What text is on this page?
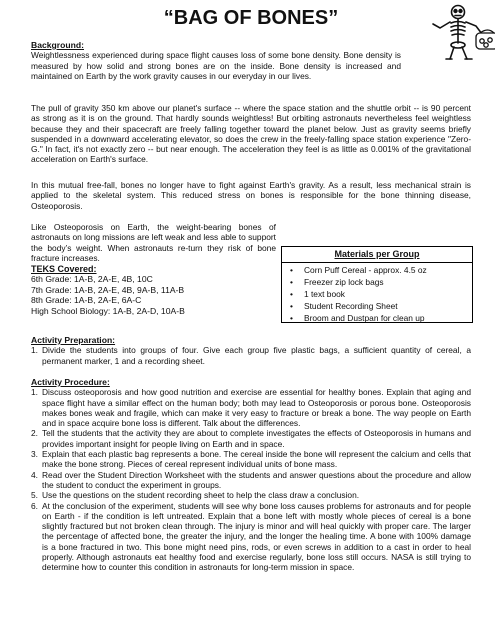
“BAG OF BONES”
Background:

Weightlessness experienced during space flight causes loss of some bone density. Bone density is measured by how solid and strong bones are on the inside. Bone density is increased and maintained on Earth by the work gravity causes in our everyday in our lives.

The pull of gravity 350 km above our planet's surface -- where the space station and the shuttle orbit -- is 90 percent as strong as it is on the ground. That hardly sounds weightless! But orbiting astronauts nevertheless feel weightless because they and their spacecraft are freely falling together toward the planet below. Just as gravity seems briefly suspended in a downward accelerating elevator, so does the crew in the freely-falling space station experience "Zero-G." In fact, it's not exactly zero -- but near enough. The acceleration they feel is as little as 0.001% of the gravitational acceleration on Earth's surface.

In this mutual free-fall, bones no longer have to fight against Earth's gravity. As a result, less mechanical strain is applied to the skeletal system. This reduced stress on bones is responsible for the bone thinning disease, Osteoporosis.

Like Osteoporosis on Earth, the weight-bearing bones of astronauts on long missions are left weak and less able to support the body’s weight. When astronauts re-turn they risk of bone fracture increases.

TEKS Covered:
6th Grade: 1A-B, 2A-E, 4B, 10C
7th Grade: 1A-B, 2A-E, 4B, 9A-B, 11A-B
8th Grade: 1A-B, 2A-E, 6A-C
High School Biology: 1A-B, 2A-D, 10A-B
Materials per Group
• Corn Puff Cereal - approx. 4.5 oz
• Freezer zip lock bags
• 1 text book
• Student Recording Sheet
• Broom and Dustpan for clean up
Activity Preparation:
1. Divide the students into groups of four. Give each group five plastic bags, a sufficient quantity of cereal, a permanent marker, 1 and a recording sheet.
Activity Procedure:
1. Discuss osteoporosis and how good nutrition and exercise are essential for healthy bones. Explain that aging and space flight have a similar effect on the human body; both may lead to Osteoporosis or porous bone. Osteoporosis makes bones weak and fragile, which can make it very easy to fracture or break a bone. The way people on Earth and in space acquire bone loss is different. Talk about the differences.
2. Tell the students that the activity they are about to complete investigates the effects of Osteoporosis in humans and provides important insight for people living on Earth and in space.
3. Explain that each plastic bag represents a bone. The cereal inside the bone will represent the calcium and cells that make the bone strong. Pieces of cereal represent individual units of bone mass.
4. Read over the Student Direction Worksheet with the students and answer questions about the procedure and allow the student to conduct the experiment in groups.
5. Use the questions on the student recording sheet to help the class draw a conclusion.
6. At the conclusion of the experiment, students will see why bone loss causes problems for astronauts and for people on Earth - if the condition is left untreated. Explain that a bone left with mostly whole pieces of cereal is a bone slightly fractured but not broken clean through. The injury is minor and will heal quickly with proper care. The larger the percentage of affected bone, the greater the injury, and the longer the healing time. A bone with 100% damage is a bone fractured in two. This bone might need pins, rods, or even screws in addition to a cast in order to heal properly. Although astronauts eat healthy food and exercise regularly, bone loss still occurs. NASA is still trying to determine how to counter this condition in astronauts for long-term mission in space.
